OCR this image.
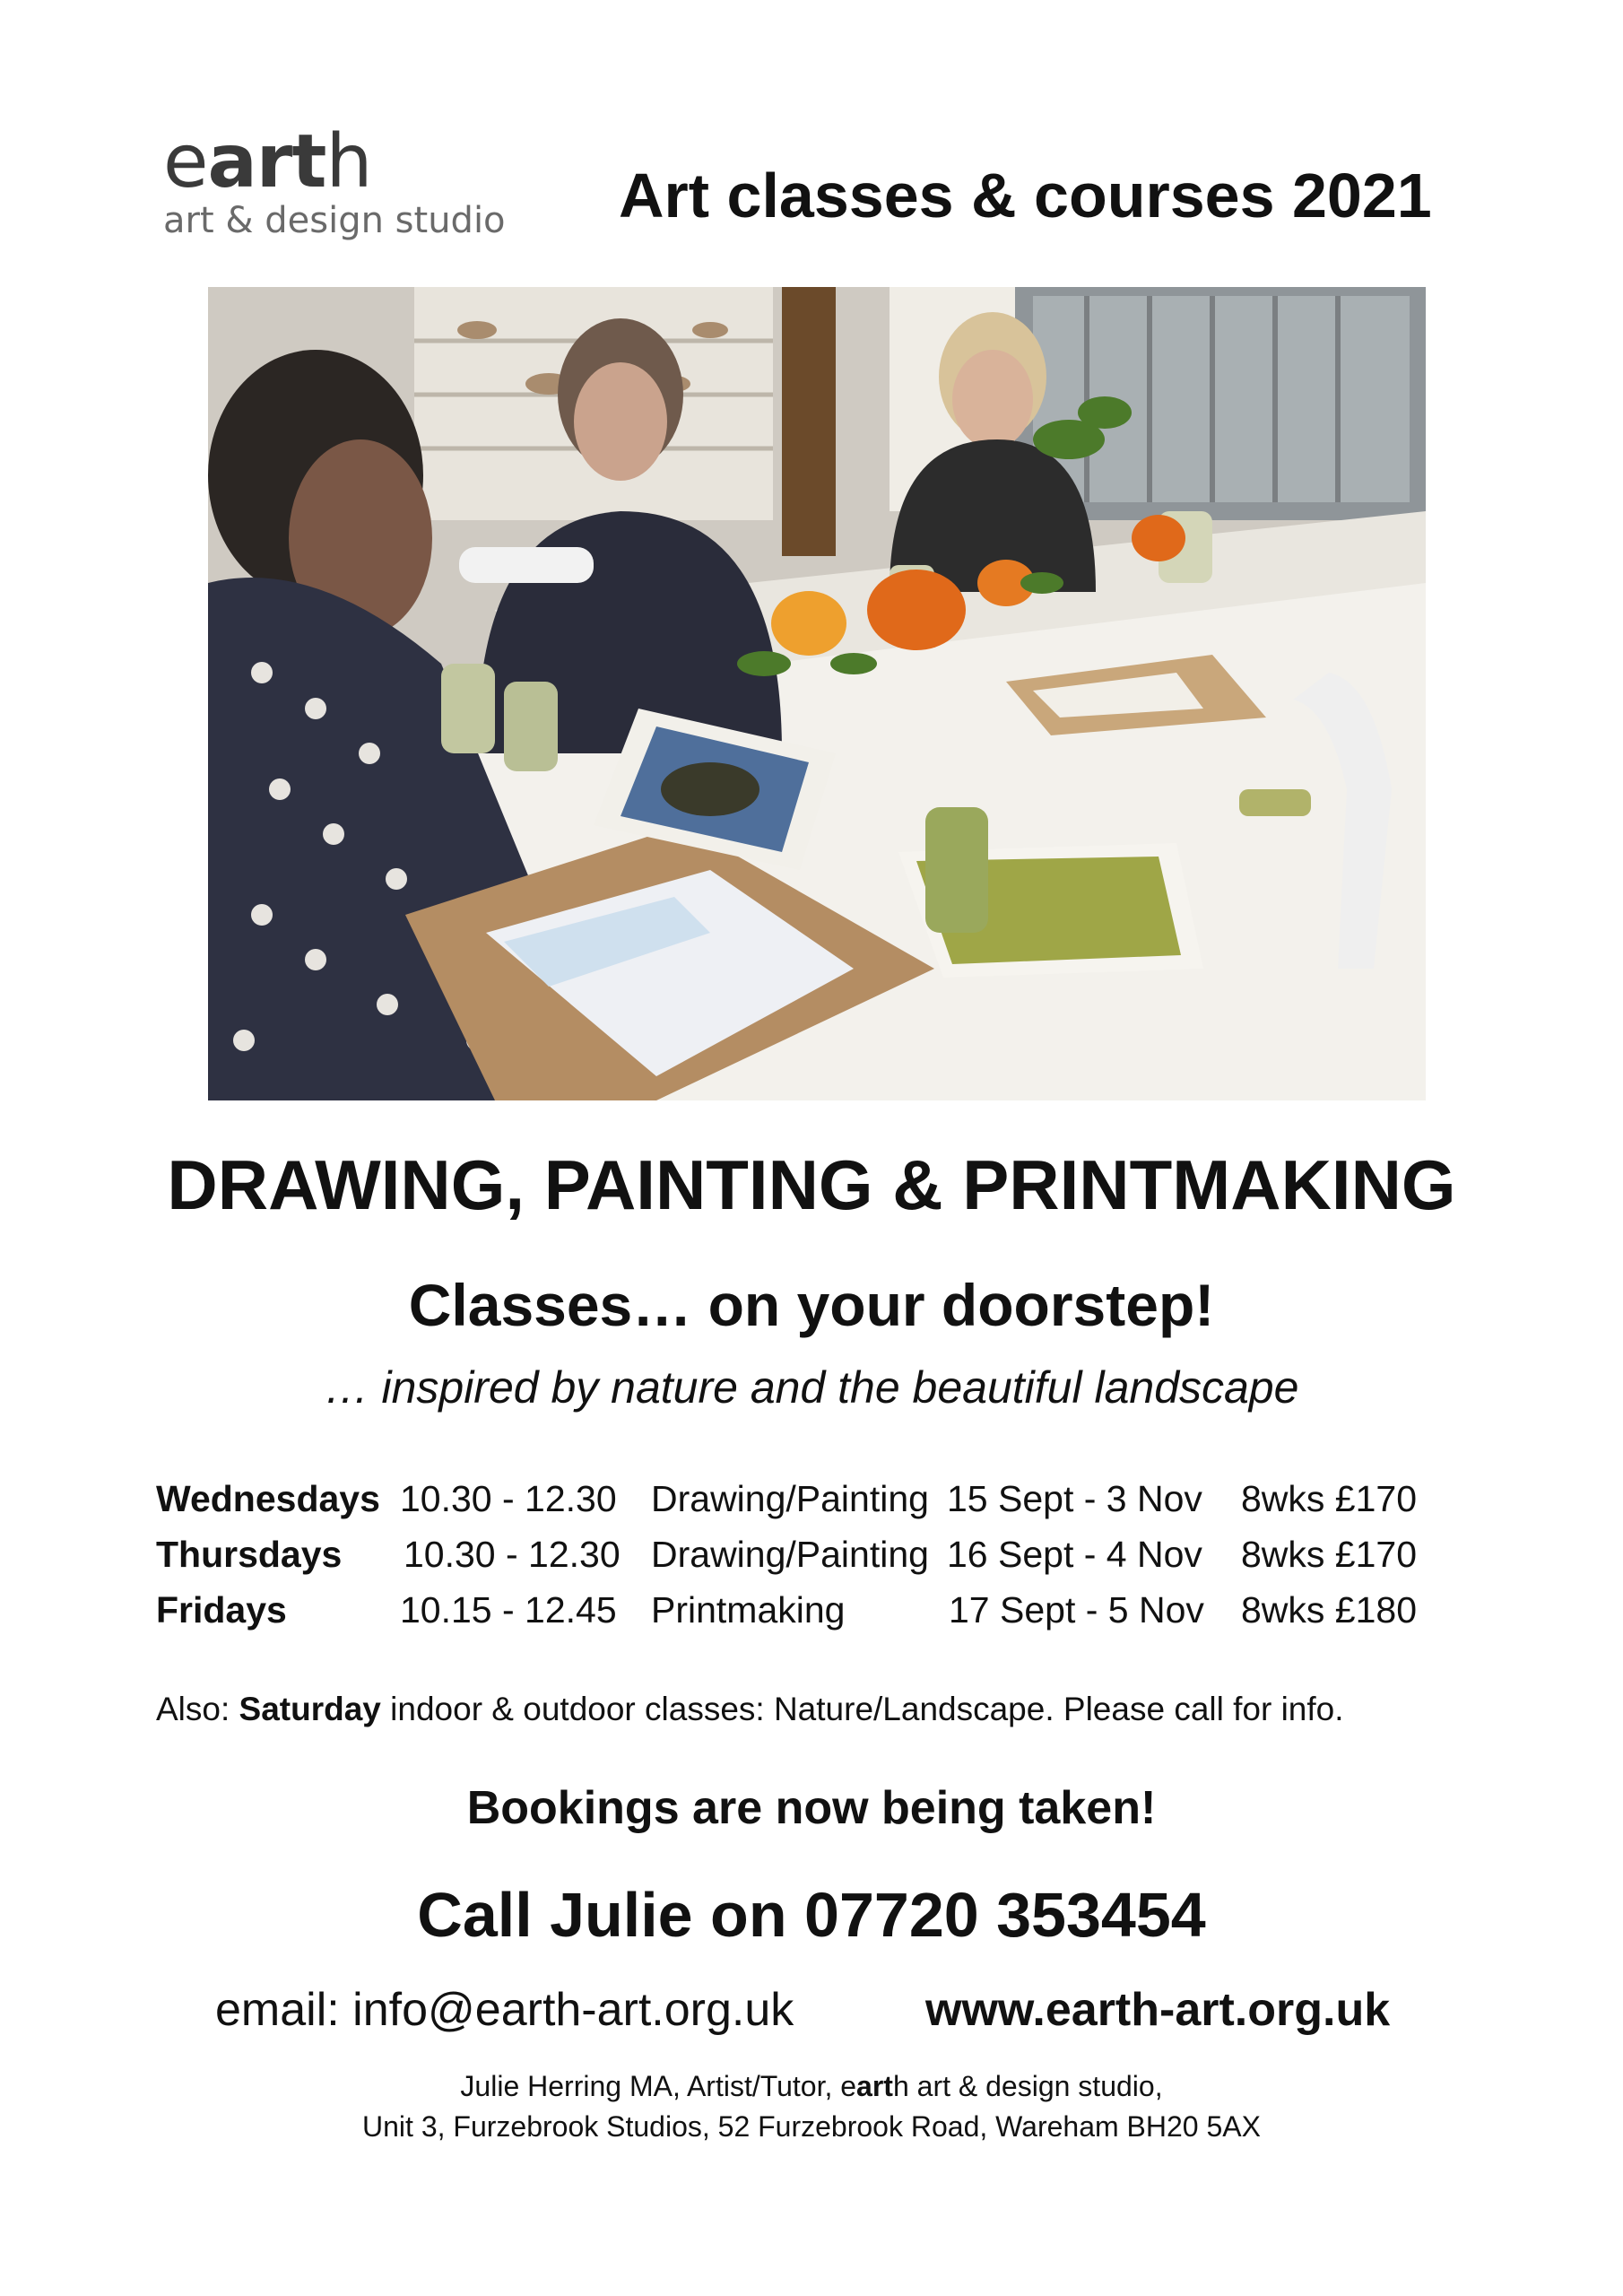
earth
art & design studio Art classes & courses 2021
DRAWING, PAINTING & PRINTMAKING
Classes… on your doorstep!
… inspired by nature and the beautiful landscape
Wednesdays 10.30 - 12.30 Drawing/Painting 15 Sept - 3 Nov 8wks £170
Thursdays 10.30 - 12.30 Drawing/Painting 16 Sept - 4 Nov 8wks £170
Fridays	10.15 - 12.45 Printmaking	17 Sept - 5 Nov 8wks £180
Also: Saturday indoor & outdoor classes: Nature/Landscape. Please call for info.
Bookings are now being taken!
Call Julie on 07720 353454
email: info@earth-art.org.uk	www.earth-art.org.uk
Julie Herring MA, Artist/Tutor, earth art & design studio,
Unit 3, Furzebrook Studios, 52 Furzebrook Road, Wareham BH20 5AX
